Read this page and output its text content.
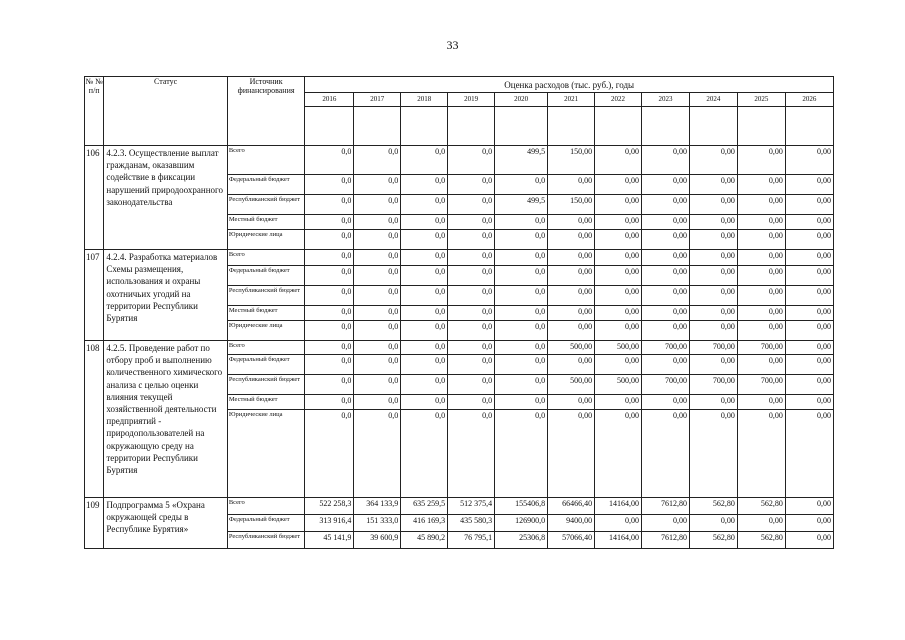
33
№ № п/п	Статус	Источник финансирования	Оценка расходов (тыс. руб.), годы										
			2016	2017	2018	2019	2020	2021	2022	2023	2024	2025	2026

106	4.2.3. Осуществление выплат гражданам, оказавшим содействие в фиксации нарушений природоохранного законодательства	Всего	0,0	0,0	0,0	0,0	499,5	150,00	0,00	0,00	0,00	0,00	0,00
		Федеральный бюджет	0,0	0,0	0,0	0,0	0,0	0,00	0,00	0,00	0,00	0,00	0,00
		Республиканский бюджет	0,0	0,0	0,0	0,0	499,5	150,00	0,00	0,00	0,00	0,00	0,00
		Местный бюджет	0,0	0,0	0,0	0,0	0,0	0,00	0,00	0,00	0,00	0,00	0,00
		Юридические лица	0,0	0,0	0,0	0,0	0,0	0,00	0,00	0,00	0,00	0,00	0,00
107	4.2.4. Разработка материалов Схемы размещения, использования и охраны охотничьих угодий на территории Республики Бурятия	Всего	0,0	0,0	0,0	0,0	0,0	0,00	0,00	0,00	0,00	0,00	0,00
		Федеральный бюджет	0,0	0,0	0,0	0,0	0,0	0,00	0,00	0,00	0,00	0,00	0,00
		Республиканский бюджет	0,0	0,0	0,0	0,0	0,0	0,00	0,00	0,00	0,00	0,00	0,00
		Местный бюджет	0,0	0,0	0,0	0,0	0,0	0,00	0,00	0,00	0,00	0,00	0,00
		Юридические лица	0,0	0,0	0,0	0,0	0,0	0,00	0,00	0,00	0,00	0,00	0,00
108	4.2.5. Проведение работ по отбору проб и выполнению количественного химического анализа с целью оценки влияния текущей хозяйственной деятельности предприятий - природопользователей на окружающую среду на территории Республики Бурятия	Всего	0,0	0,0	0,0	0,0	0,0	500,00	500,00	700,00	700,00	700,00	0,00
		Федеральный бюджет	0,0	0,0	0,0	0,0	0,0	0,00	0,00	0,00	0,00	0,00	0,00
		Республиканский бюджет	0,0	0,0	0,0	0,0	0,0	500,00	500,00	700,00	700,00	700,00	0,00
		Местный бюджет	0,0	0,0	0,0	0,0	0,0	0,00	0,00	0,00	0,00	0,00	0,00
		Юридические лица	0,0	0,0	0,0	0,0	0,0	0,00	0,00	0,00	0,00	0,00	0,00
109	Подпрограмма 5 «Охрана окружающей среды в Республике Бурятия»	Всего	522 258,3	364 133,9	635 259,5	512 375,4	155406,8	66466,40	14164,00	7612,80	562,80	562,80	0,00
		Федеральный бюджет	313 916,4	151 333,0	416 169,3	435 580,3	126900,0	9400,00	0,00	0,00	0,00	0,00	0,00
		Республиканский бюджет	45 141,9	39 600,9	45 890,2	76 795,1	25306,8	57066,40	14164,00	7612,80	562,80	562,80	0,00
